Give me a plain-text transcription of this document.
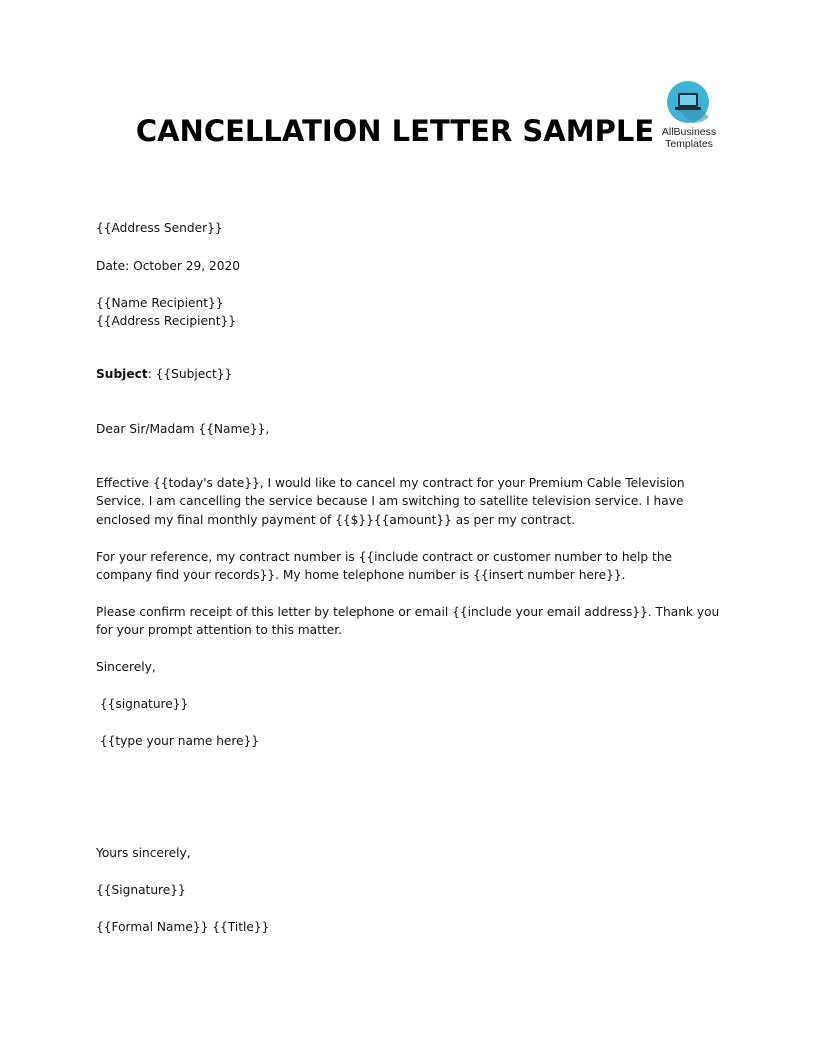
CANCELLATION LETTER SAMPLE AllBusiness
Templates
{{Address Sender}}
Date: October 29, 2020
{{Name Recipient}}
{{Address Recipient}}
Subject: {{Subject}}
Dear Sir/Madam {{Name}},

Effective {{today's date}}, I would like to cancel my contract for your Premium Cable Television Service. I am cancelling the service because I am switching to satellite television service. I have enclosed my final monthly payment of {{$}}{{amount}} as per my contract.

For your reference, my contract number is {{include contract or customer number to help the company find your records}}. My home telephone number is {{insert number here}}.

Please confirm receipt of this letter by telephone or email {{include your email address}}. Thank you for your prompt attention to this matter.

Sincerely,
{{signature}}
{{type your name here}}
Yours sincerely,
{{Signature}}
{{Formal Name}} {{Title}}
